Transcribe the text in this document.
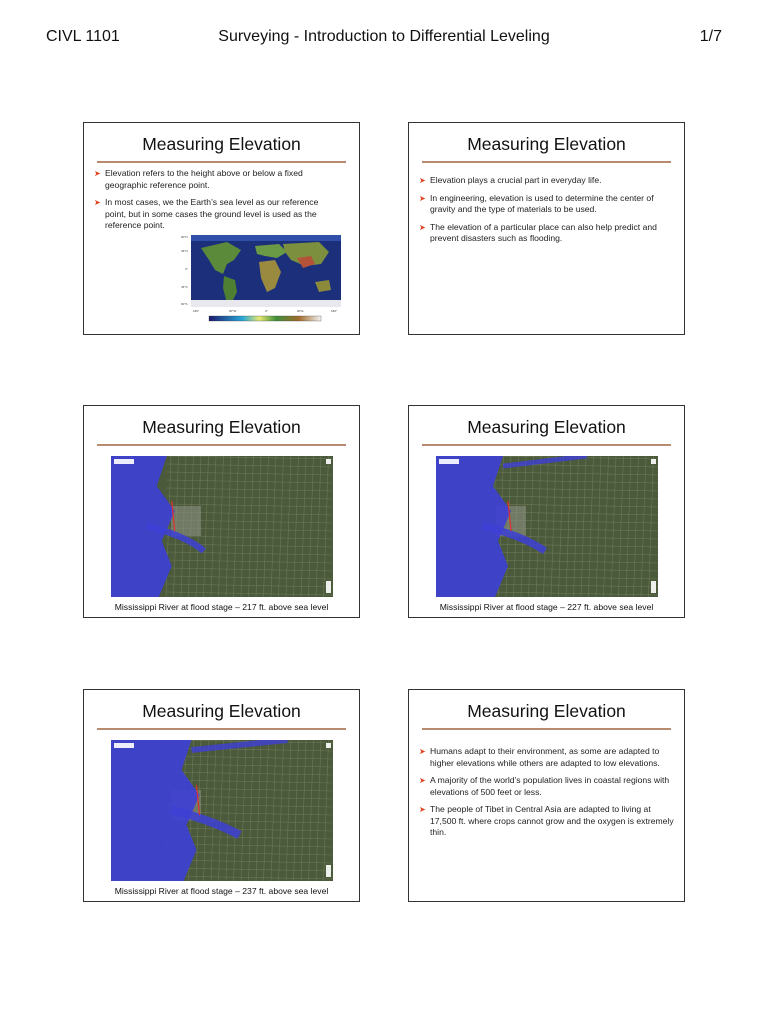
CIVL 1101	Surveying - Introduction to Differential Leveling	1/7
Measuring Elevation
➤ Elevation refers to the height above or below a fixed geographic reference point.
➤ In most cases, we the Earth’s sea level as our reference point, but in some cases the ground level is used as the reference point.
90°N
45°N
0°
45°S
90°S
180°	90°W	0°	90°E	180°
Measuring Elevation
➤ Elevation plays a crucial part in everyday life.
➤ In engineering, elevation is used to determine the center of gravity and the type of materials to be used.
➤ The elevation of a particular place can also help predict and prevent disasters such as flooding.
Measuring Elevation
Mississippi River at flood stage – 217 ft. above sea level
Measuring Elevation
Mississippi River at flood stage – 227 ft. above sea level
Measuring Elevation
Mississippi River at flood stage – 237 ft. above sea level
Measuring Elevation
➤ Humans adapt to their environment, as some are adapted to higher elevations while others are adapted to low elevations.
➤ A majority of the world’s population lives in coastal regions with elevations of 500 feet or less.
➤ The people of Tibet in Central Asia are adapted to living at 17,500 ft. where crops cannot grow and the oxygen is extremely thin.
